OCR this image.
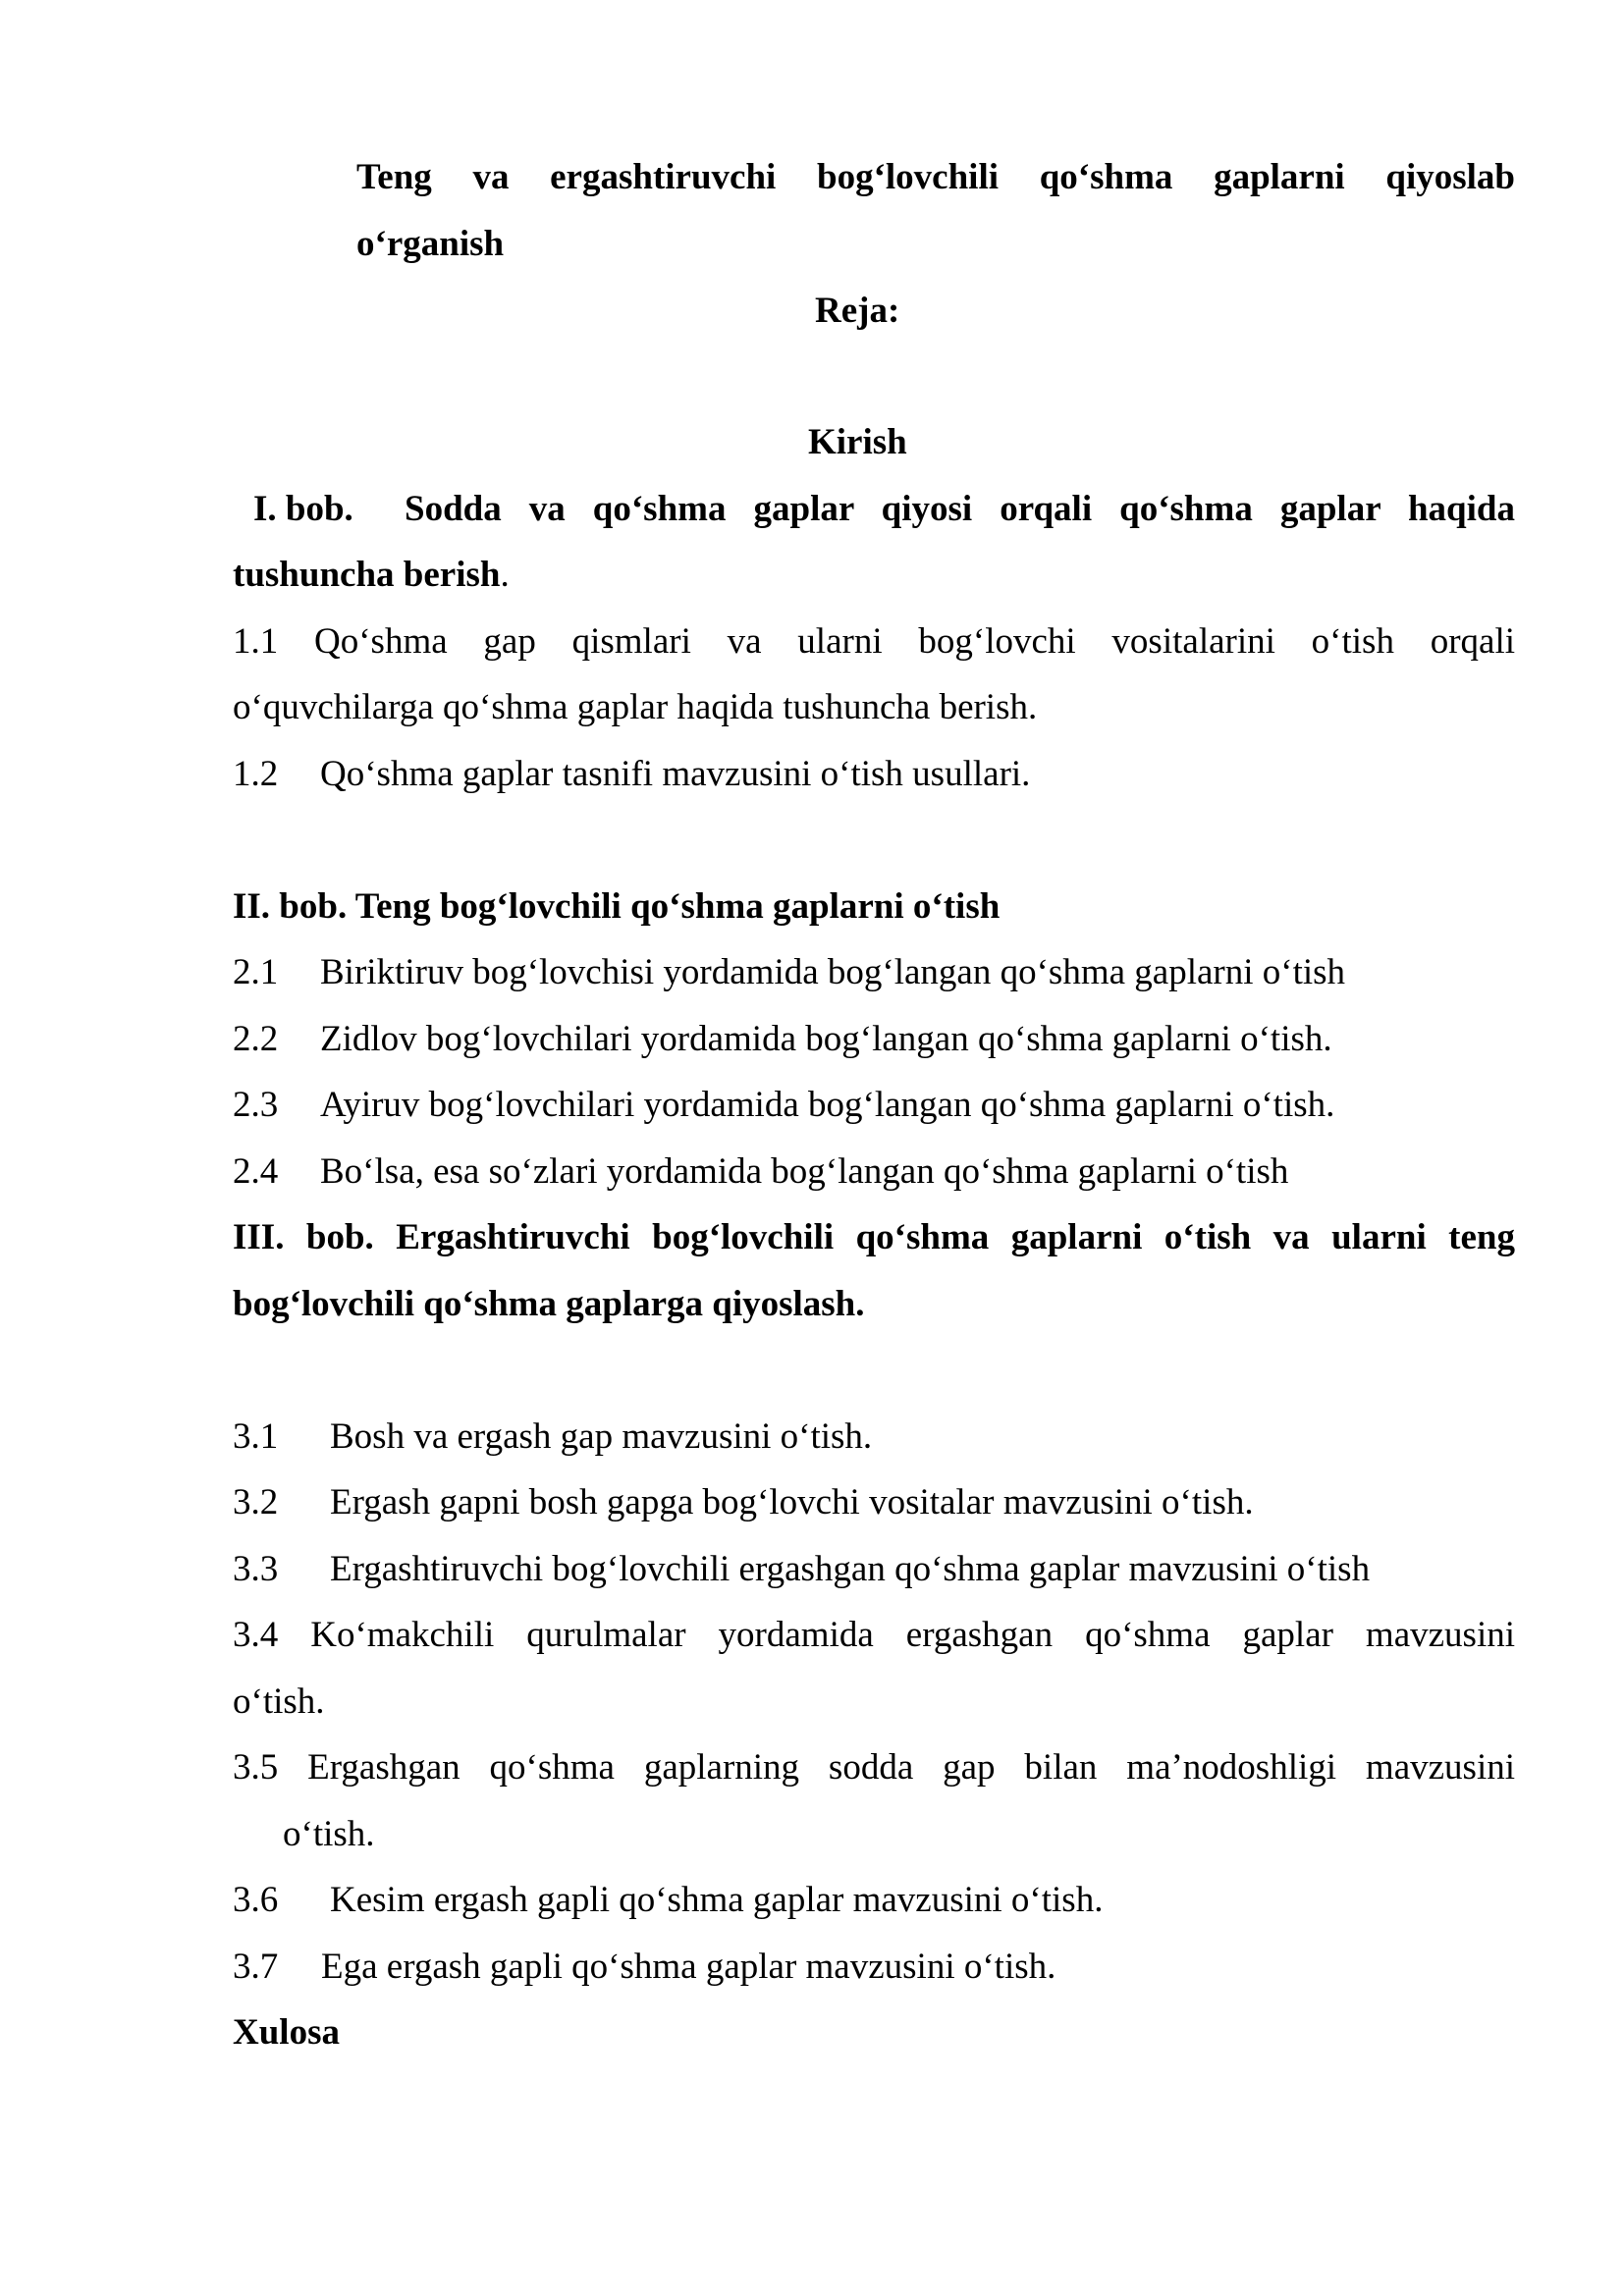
Teng va ergashtiruvchi bog‘lovchili qo‘shma gaplarni qiyoslab
o‘rganish
Reja:
Kirish
I. bob. Sodda va qo‘shma gaplar qiyosi orqali qo‘shma gaplar haqida
tushuncha berish.
1.1 Qo‘shma gap qismlari va ularni bog‘lovchi vositalarini o‘tish orqali
o‘quvchilarga qo‘shma gaplar haqida tushuncha berish.
1.2 Qo‘shma gaplar tasnifi mavzusini o‘tish usullari.
II. bob. Teng bog‘lovchili qo‘shma gaplarni o‘tish
2.1 Biriktiruv bog‘lovchisi yordamida bog‘langan qo‘shma gaplarni o‘tish
2.2 Zidlov bog‘lovchilari yordamida bog‘langan qo‘shma gaplarni o‘tish.
2.3 Ayiruv bog‘lovchilari yordamida bog‘langan qo‘shma gaplarni o‘tish.
2.4 Bo‘lsa, esa so‘zlari yordamida bog‘langan qo‘shma gaplarni o‘tish
III. bob. Ergashtiruvchi bog‘lovchili qo‘shma gaplarni o‘tish va ularni teng
bog‘lovchili qo‘shma gaplarga qiyoslash.
3.1 Bosh va ergash gap mavzusini o‘tish.
3.2 Ergash gapni bosh gapga bog‘lovchi vositalar mavzusini o‘tish.
3.3 Ergashtiruvchi bog‘lovchili ergashgan qo‘shma gaplar mavzusini o‘tish
3.4 Ko‘makchili qurulmalar yordamida ergashgan qo‘shma gaplar mavzusini
o‘tish.
3.5 Ergashgan qo‘shma gaplarning sodda gap bilan ma’nodoshligi mavzusini
o‘tish.
3.6 Kesim ergash gapli qo‘shma gaplar mavzusini o‘tish.
3.7 Ega ergash gapli qo‘shma gaplar mavzusini o‘tish.
Xulosa
